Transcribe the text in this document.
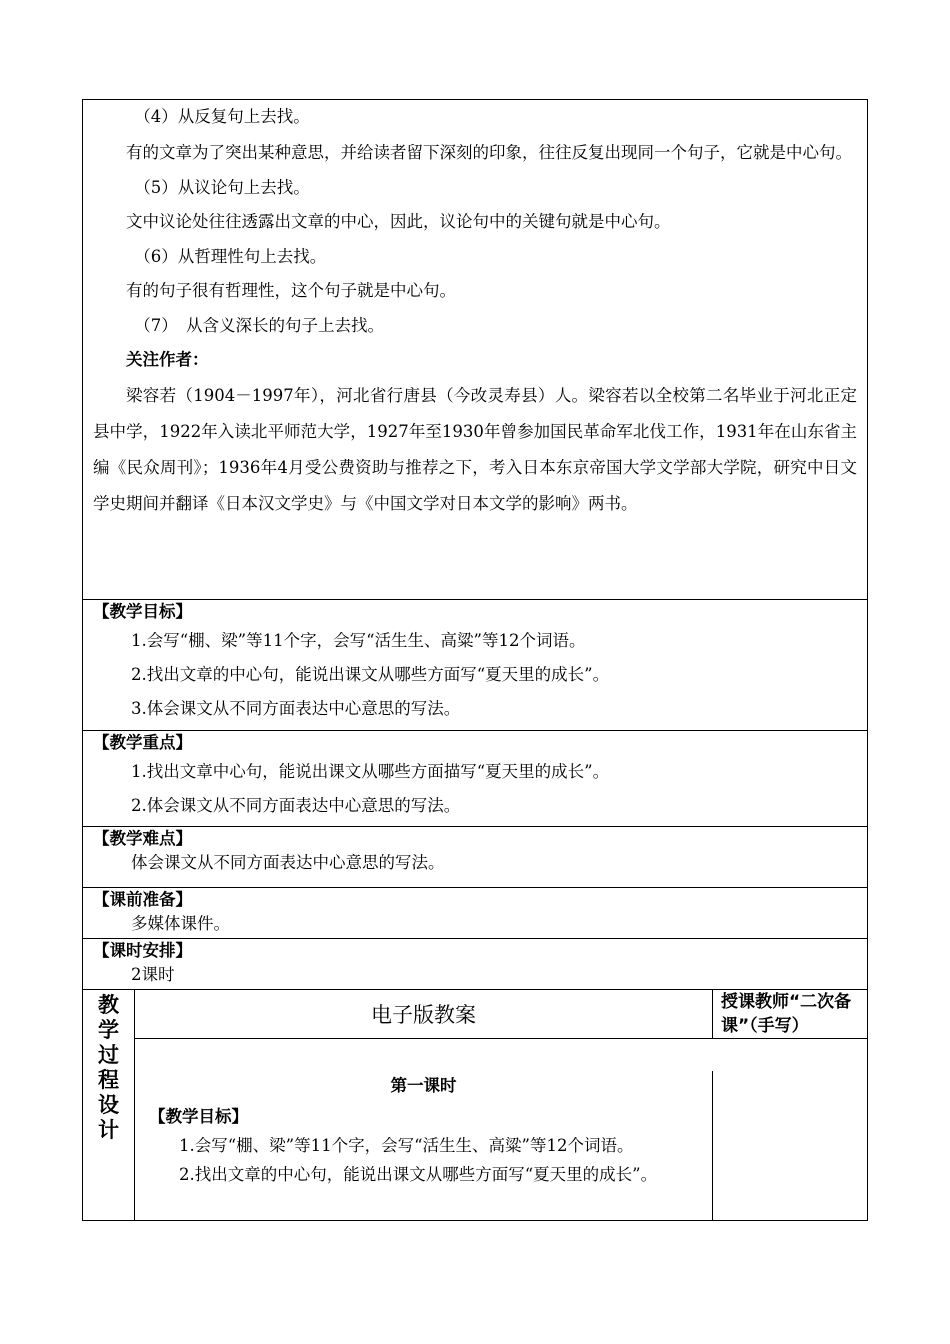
（4）从反复句上去找。

有的文章为了突出某种意思，并给读者留下深刻的印象，往往反复出现同一个句子，它就是中心句。

（5）从议论句上去找。

文中议论处往往透露出文章的中心，因此，议论句中的关键句就是中心句。

（6）从哲理性句上去找。

有的句子很有哲理性，这个句子就是中心句。

（7）　从含义深长的句子上去找。

关注作者：

梁容若（1904－1997年），河北省行唐县（今改灵寿县）人。梁容若以全校第二名毕业于河北正定县中学，1922年入读北平师范大学，1927年至1930年曾参加国民革命军北伐工作，1931年在山东省主编《民众周刊》；1936年4月受公费资助与推荐之下，考入日本东京帝国大学文学部大学院，研究中日文学史期间并翻译《日本汉文学史》与《中国文学对日本文学的影响》两书。

【教学目标】

1.会写“棚、梁”等11个字，会写“活生生、高粱”等12个词语。

2.找出文章的中心句，能说出课文从哪些方面写“夏天里的成长”。

3.体会课文从不同方面表达中心意思的写法。

【教学重点】

1.找出文章中心句，能说出课文从哪些方面描写“夏天里的成长”。

2.体会课文从不同方面表达中心意思的写法。

【教学难点】

体会课文从不同方面表达中心意思的写法。

【课前准备】

多媒体课件。

【课时安排】

2课时

教
学
过
程
设
计
电子版教案
授课教师“二次备课”（手写）

第一课时

【教学目标】

1.会写“棚、梁”等11个字，会写“活生生、高粱”等12个词语。

2.找出文章的中心句，能说出课文从哪些方面写“夏天里的成长”。
